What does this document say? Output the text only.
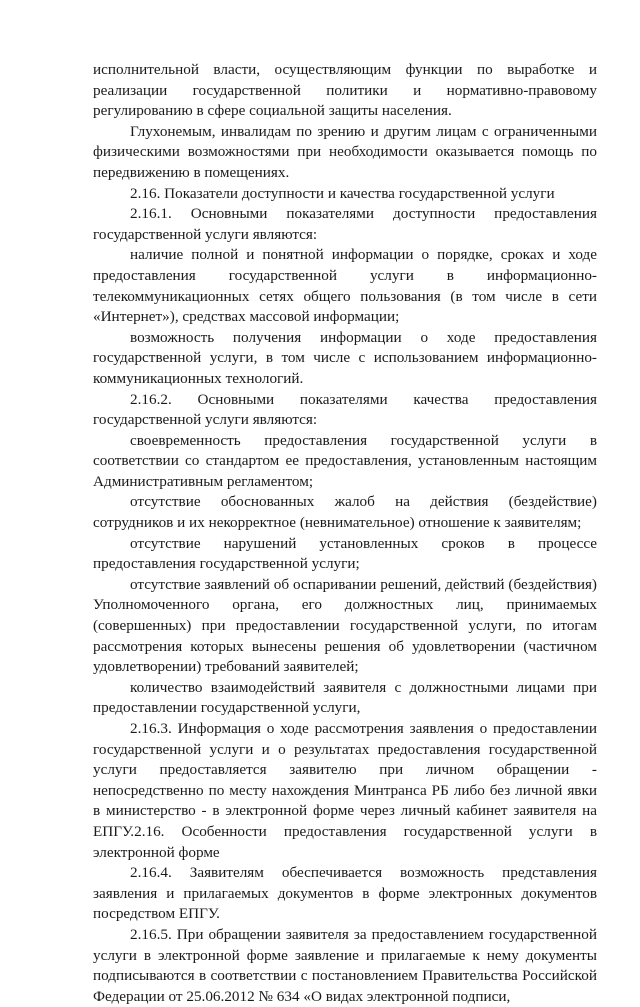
исполнительной власти, осуществляющим функции по выработке и реализации государственной политики и нормативно-правовому регулированию в сфере социальной защиты населения.

Глухонемым, инвалидам по зрению и другим лицам с ограниченными физическими возможностями при необходимости оказывается помощь по передвижению в помещениях.

2.16. Показатели доступности и качества государственной услуги

2.16.1. Основными показателями доступности предоставления государственной услуги являются:

наличие полной и понятной информации о порядке, сроках и ходе предоставления государственной услуги в информационно-телекоммуникационных сетях общего пользования (в том числе в сети «Интернет»), средствах массовой информации;

возможность получения информации о ходе предоставления государственной услуги, в том числе с использованием информационно-коммуникационных технологий.

2.16.2. Основными показателями качества предоставления государственной услуги являются:

своевременность предоставления государственной услуги в соответствии со стандартом ее предоставления, установленным настоящим Административным регламентом;

отсутствие обоснованных жалоб на действия (бездействие) сотрудников и их некорректное (невнимательное) отношение к заявителям;

отсутствие нарушений установленных сроков в процессе предоставления государственной услуги;

отсутствие заявлений об оспаривании решений, действий (бездействия) Уполномоченного органа, его должностных лиц, принимаемых (совершенных) при предоставлении государственной услуги, по итогам рассмотрения которых вынесены решения об удовлетворении (частичном удовлетворении) требований заявителей;

количество взаимодействий заявителя с должностными лицами при предоставлении государственной услуги,

2.16.3. Информация о ходе рассмотрения заявления о предоставлении государственной услуги и о результатах предоставления государственной услуги предоставляется заявителю при личном обращении - непосредственно по месту нахождения Минтранса РБ либо без личной явки в министерство - в электронной форме через личный кабинет заявителя на ЕПГУ.2.16. Особенности предоставления государственной услуги в электронной форме

2.16.4. Заявителям обеспечивается возможность представления заявления и прилагаемых документов в форме электронных документов посредством ЕПГУ.

2.16.5. При обращении заявителя за предоставлением государственной услуги в электронной форме заявление и прилагаемые к нему документы подписываются в соответствии с постановлением Правительства Российской Федерации от 25.06.2012 № 634 «О видах электронной подписи,
